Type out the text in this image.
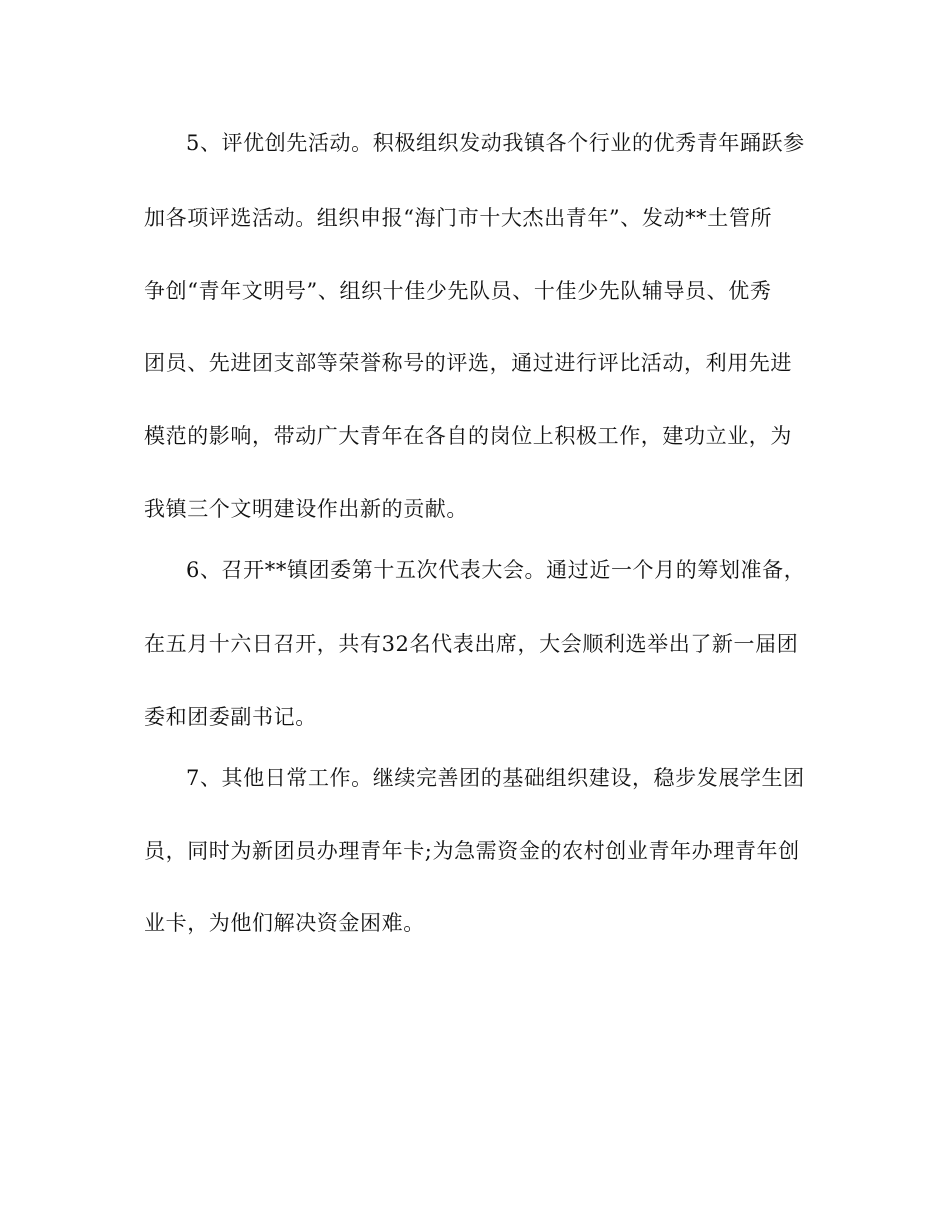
5、评优创先活动。积极组织发动我镇各个行业的优秀青年踊跃参
加各项评选活动。组织申报“海门市十大杰出青年”、发动**土管所
争创“青年文明号”、组织十佳少先队员、十佳少先队辅导员、优秀
团员、先进团支部等荣誉称号的评选，通过进行评比活动，利用先进
模范的影响，带动广大青年在各自的岗位上积极工作，建功立业，为
我镇三个文明建设作出新的贡献。
6、召开**镇团委第十五次代表大会。通过近一个月的筹划准备，
在五月十六日召开，共有32名代表出席，大会顺利选举出了新一届团
委和团委副书记。
7、其他日常工作。继续完善团的基础组织建设，稳步发展学生团
员，同时为新团员办理青年卡;为急需资金的农村创业青年办理青年创
业卡，为他们解决资金困难。
